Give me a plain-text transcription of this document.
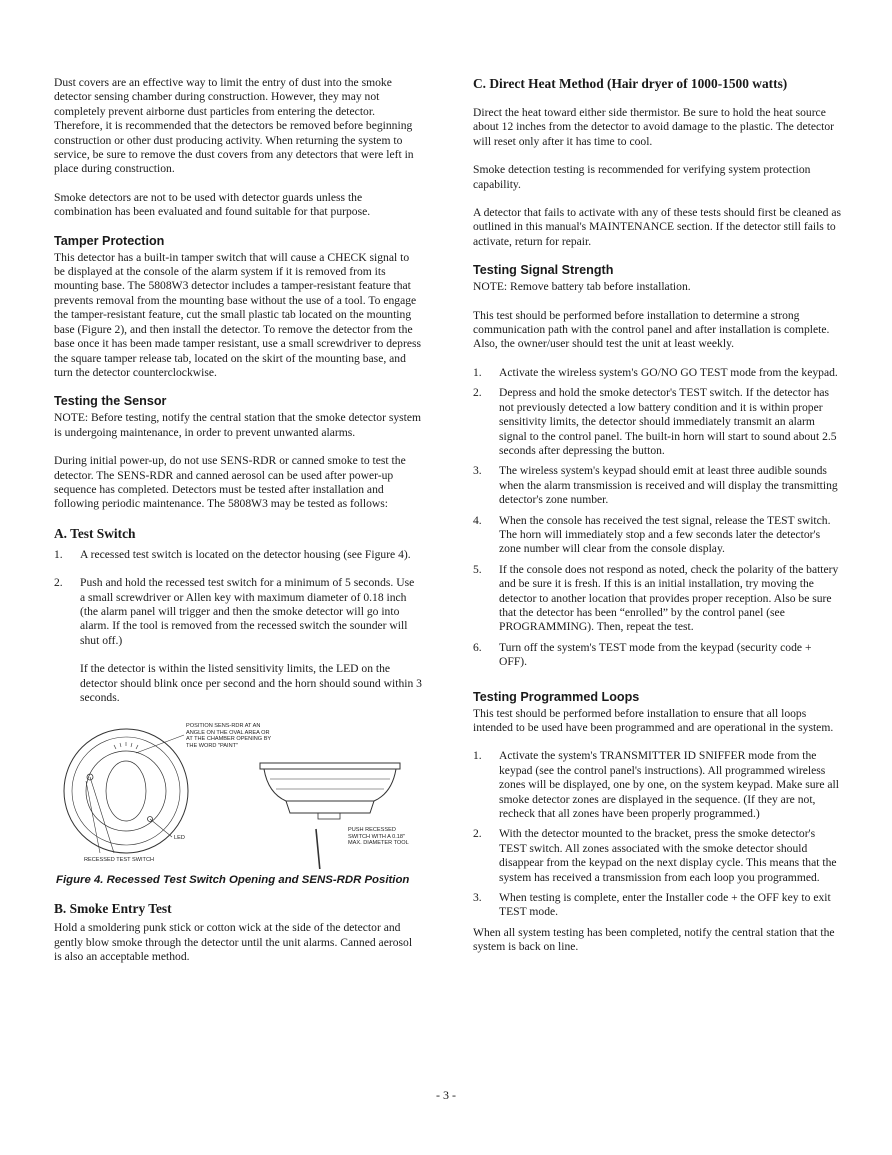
Dust covers are an effective way to limit the entry of dust into the smoke detector sensing chamber during construction. However, they may not completely prevent airborne dust particles from entering the detector. Therefore, it is recommended that the detectors be removed before beginning construction or other dust producing activity. When returning the system to service, be sure to remove the dust covers from any detectors that were left in place during construction.

Smoke detectors are not to be used with detector guards unless the combination has been evaluated and found suitable for that purpose.

Tamper Protection

This detector has a built-in tamper switch that will cause a CHECK signal to be displayed at the console of the alarm system if it is removed from its mounting base. The 5808W3 detector includes a tamper-resistant feature that prevents removal from the mounting base without the use of a tool. To engage the tamper-resistant feature, cut the small plastic tab located on the mounting base (Figure 2), and then install the detector. To remove the detector from the base once it has been made tamper resistant, use a small screwdriver to depress the square tamper release tab, located on the skirt of the mounting base, and turn the detector counterclockwise.

Testing the Sensor

NOTE: Before testing, notify the central station that the smoke detector system is undergoing maintenance, in order to prevent unwanted alarms.

During initial power-up, do not use SENS-RDR or canned smoke to test the detector. The SENS-RDR and canned aerosol can be used after power-up sequence has completed. Detectors must be tested after installation and following periodic maintenance. The 5808W3 may be tested as follows:

A. Test Switch
1. A recessed test switch is located on the detector housing (see Figure 4).
2. Push and hold the recessed test switch for a minimum of 5 seconds. Use a small screwdriver or Allen key with maximum diameter of 0.18 inch (the alarm panel will trigger and then the smoke detector will go into alarm. If the tool is removed from the recessed switch the sounder will shut off.)
If the detector is within the listed sensitivity limits, the LED on the detector should blink once per second and the horn should sound within 3 seconds.
POSITION SENS-RDR AT AN ANGLE ON THE OVAL AREA OR AT THE CHAMBER OPENING BY THE WORD "PAINT"
LED
RECESSED TEST SWITCH
PUSH RECESSED SWITCH WITH A 0.18" MAX. DIAMETER TOOL
Figure 4. Recessed Test Switch Opening and SENS-RDR Position
B. Smoke Entry Test

Hold a smoldering punk stick or cotton wick at the side of the detector and gently blow smoke through the detector until the unit alarms. Canned aerosol is also an acceptable method.

C. Direct Heat Method (Hair dryer of 1000-1500 watts)

Direct the heat toward either side thermistor. Be sure to hold the heat source about 12 inches from the detector to avoid damage to the plastic. The detector will reset only after it has time to cool.

Smoke detection testing is recommended for verifying system protection capability.

A detector that fails to activate with any of these tests should first be cleaned as outlined in this manual's MAINTENANCE section. If the detector still fails to activate, return for repair.

Testing Signal Strength

NOTE: Remove battery tab before installation.

This test should be performed before installation to determine a strong communication path with the control panel and after installation is complete. Also, the owner/user should test the unit at least weekly.

1. Activate the wireless system's GO/NO GO TEST mode from the keypad.
2. Depress and hold the smoke detector's TEST switch. If the detector has not previously detected a low battery condition and it is within proper sensitivity limits, the detector should immediately transmit an alarm signal to the control panel. The built-in horn will start to sound about 2.5 seconds after depressing the button.
3. The wireless system's keypad should emit at least three audible sounds when the alarm transmission is received and will display the transmitting detector's zone number.
4. When the console has received the test signal, release the TEST switch. The horn will immediately stop and a few seconds later the detector's zone number will clear from the console display.
5. If the console does not respond as noted, check the polarity of the battery and be sure it is fresh. If this is an initial installation, try moving the detector to another location that provides proper reception. Also be sure that the detector has been “enrolled” by the control panel (see PROGRAMMING). Then, repeat the test.
6. Turn off the system's TEST mode from the keypad (security code + OFF).
Testing Programmed Loops

This test should be performed before installation to ensure that all loops intended to be used have been programmed and are operational in the system.

1. Activate the system's TRANSMITTER ID SNIFFER mode from the keypad (see the control panel's instructions). All programmed wireless zones will be displayed, one by one, on the system keypad. Make sure all smoke detector zones are displayed in the sequence. (If they are not, recheck that all zones have been properly programmed.)
2. With the detector mounted to the bracket, press the smoke detector's TEST switch. All zones associated with the smoke detector should disappear from the keypad on the next display cycle. This means that the system has received a transmission from each loop you programmed.
3. When testing is complete, enter the Installer code + the OFF key to exit TEST mode.

When all system testing has been completed, notify the central station that the system is back on line.

- 3 -
